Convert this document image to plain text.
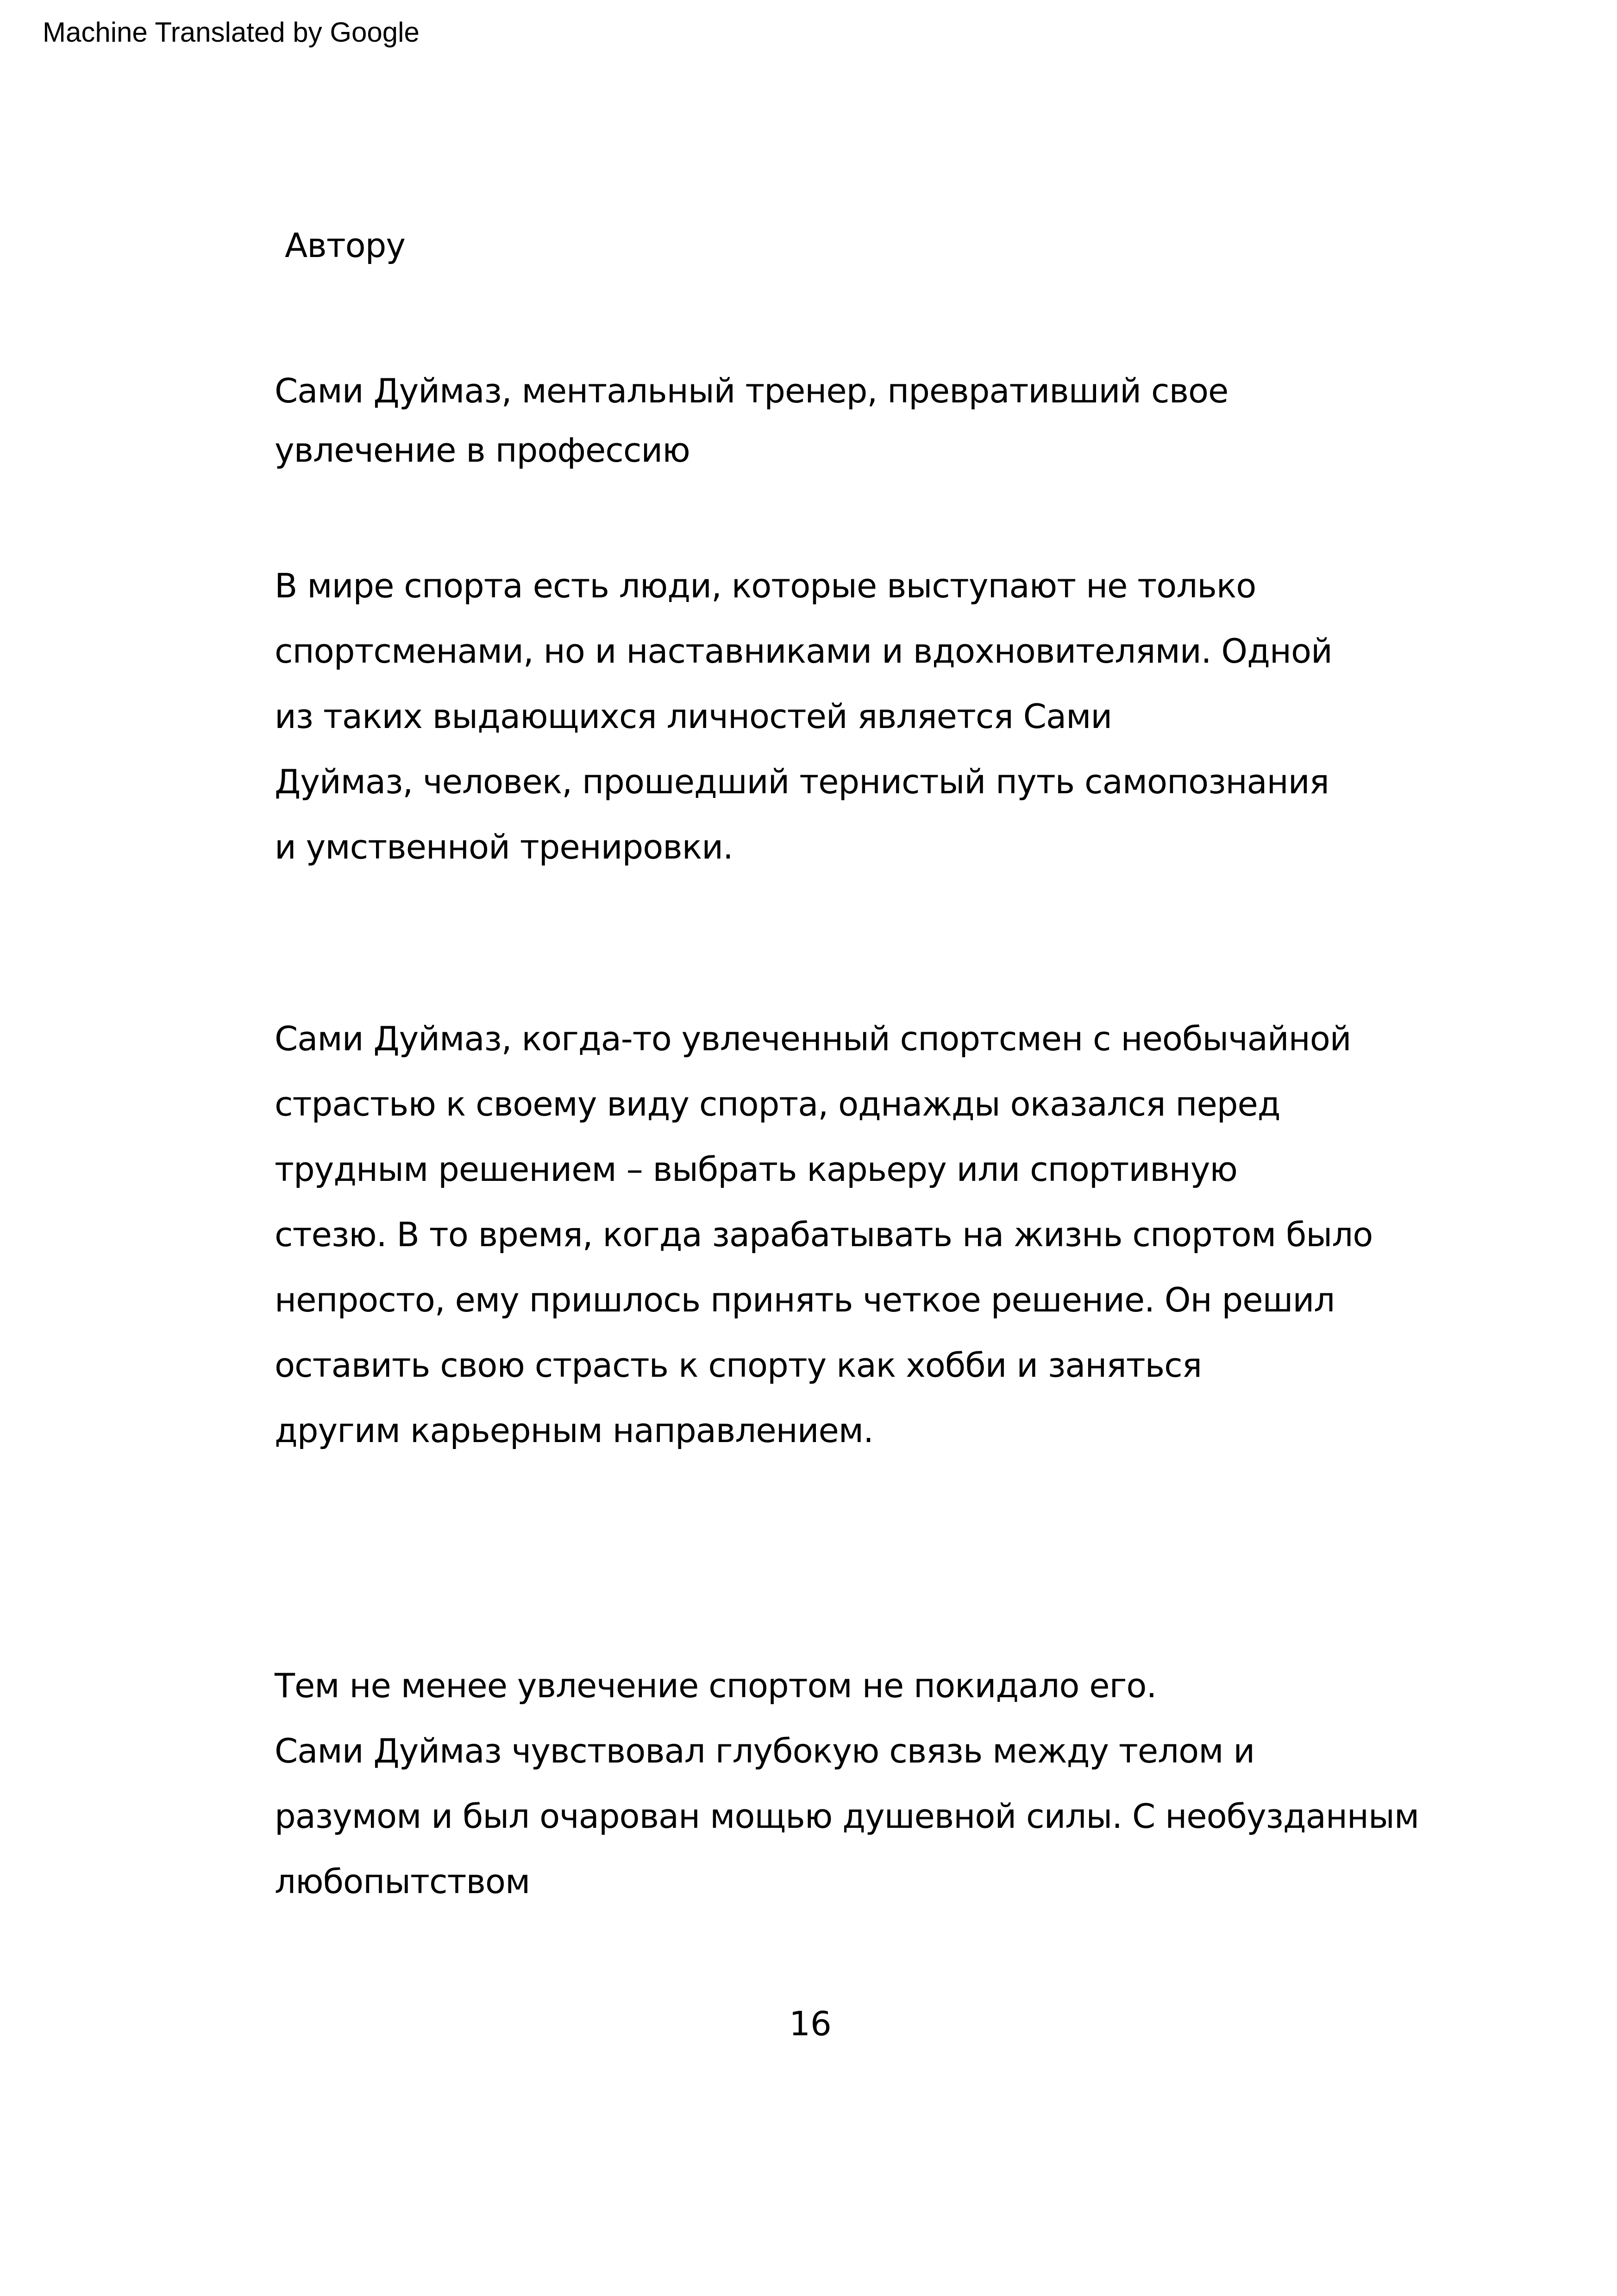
Machine Translated by Google
Автору
Сами Дуймаз, ментальный тренер, превративший свое
увлечение в профессию
В мире спорта есть люди, которые выступают не только
спортсменами, но и наставниками и вдохновителями. Одной
из таких выдающихся личностей является Сами
Дуймаз, человек, прошедший тернистый путь самопознания
и умственной тренировки.
Сами Дуймаз, когда-то увлеченный спортсмен с необычайной
страстью к своему виду спорта, однажды оказался перед
трудным решением – выбрать карьеру или спортивную
стезю. В то время, когда зарабатывать на жизнь спортом было
непросто, ему пришлось принять четкое решение. Он решил
оставить свою страсть к спорту как хобби и заняться
другим карьерным направлением.
Тем не менее увлечение спортом не покидало его.
Сами Дуймаз чувствовал глубокую связь между телом и
разумом и был очарован мощью душевной силы. С необузданным
любопытством
16
